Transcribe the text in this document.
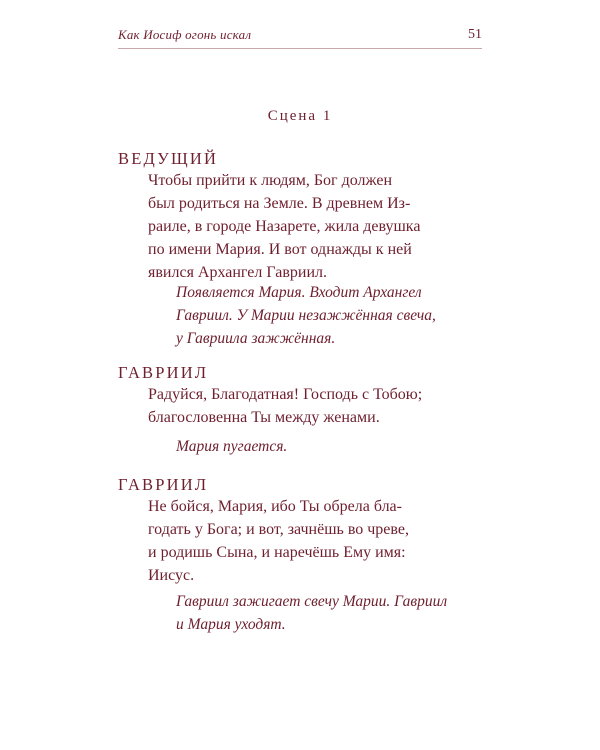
Как Иосиф огонь искал	51
Сцена 1

ВЕДУЩИЙ

Чтобы прийти к людям, Бог должен

был родиться на Земле. В древнем Из-

раиле, в городе Назарете, жила девушка

по имени Мария. И вот однажды к ней

явился Архангел Гавриил.

Появляется Мария. Входит Архангел

Гавриил. У Марии незажжённая свеча,

у Гавриила зажжённая.

ГАВРИИЛ

Радуйся, Благодатная! Господь с Тобою;

благословенна Ты между женами.

Мария пугается.

ГАВРИИЛ

Не бойся, Мария, ибо Ты обрела бла-

годать у Бога; и вот, зачнёшь во чреве,

и родишь Сына, и наречёшь Ему имя:

Иисус.

Гавриил зажигает свечу Марии. Гавриил

и Мария уходят.
